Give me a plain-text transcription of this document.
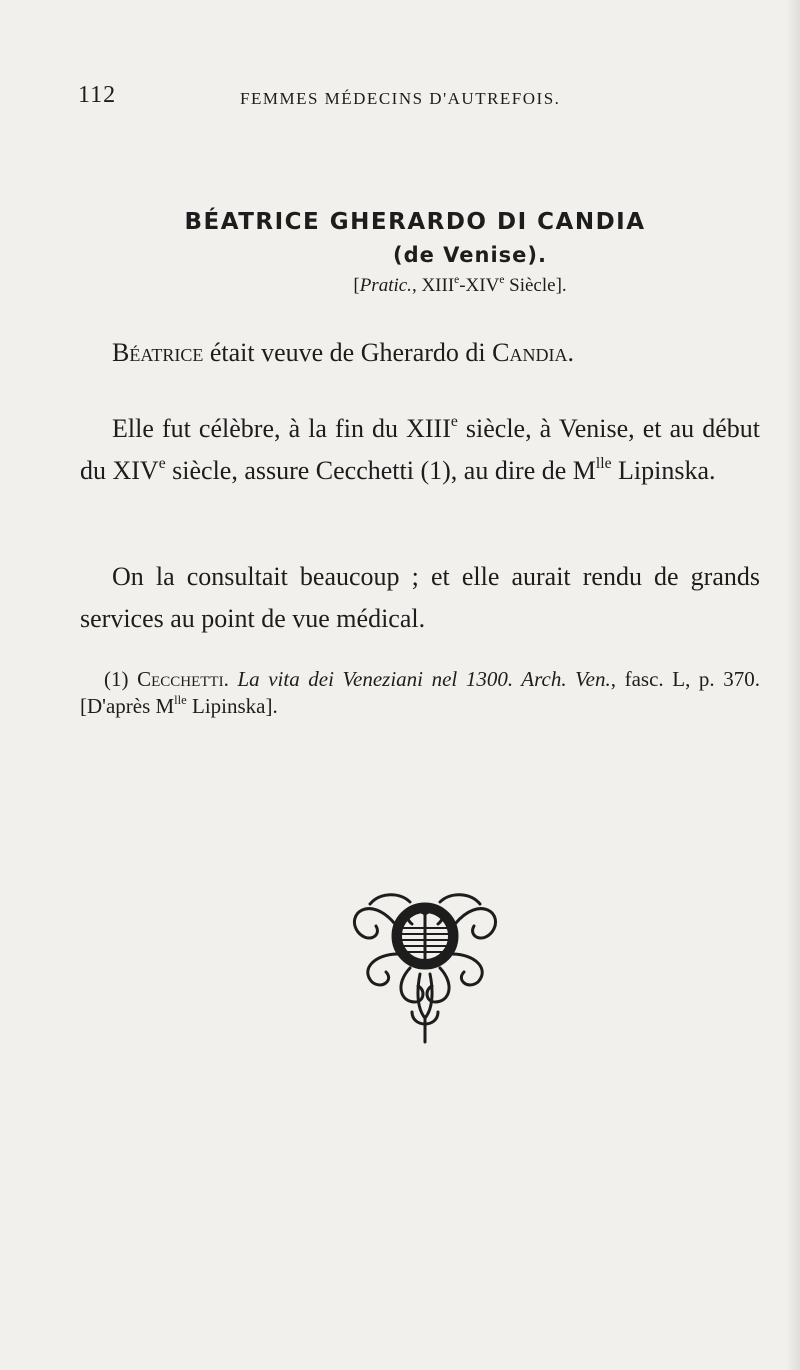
112	FEMMES MÉDECINS D'AUTREFOIS.
BÉATRICE GHERARDO DI CANDIA
(de Venise).
[Pratic., XIIIe-XIVe Siècle].

Béatrice était veuve de Gherardo di Candia.

Elle fut célèbre, à la fin du XIIIe siècle, à Venise, et au début du XIVe siècle, assure Cecchetti (1), au dire de $M^{lle}$ Lipinska.

On la consultait beaucoup ; et elle aurait rendu de grands services au point de vue médical.

(1) Cecchetti. La vita dei Veneziani nel 1300. Arch. Ven., fasc. L, p. 370. [D'après $M^{lle}$ Lipinska].
